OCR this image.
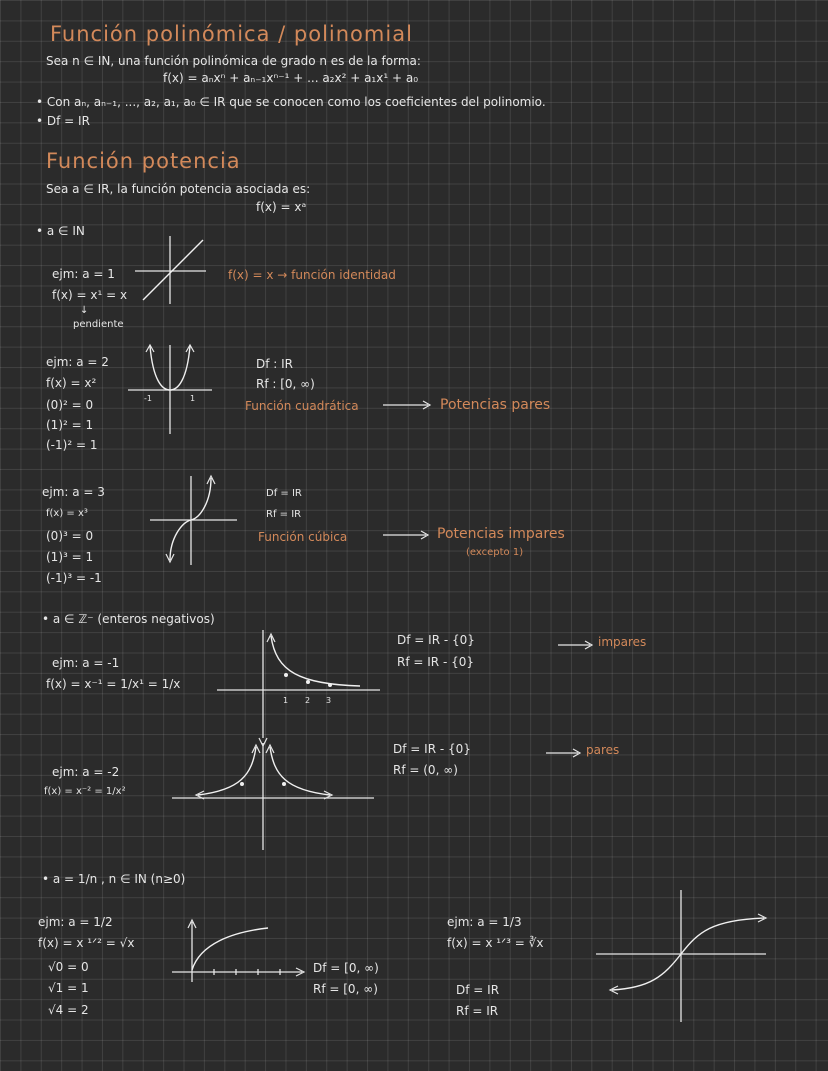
Función polinómica / polinomial
Sea n ∈ IN, una función polinómica de grado n es de la forma:
f(x) = aₙxⁿ + aₙ₋₁xⁿ⁻¹ + ... a₂x² + a₁x¹ + a₀
• Con aₙ, aₙ₋₁, ..., a₂, a₁, a₀ ∈ IR que se conocen como los coeficientes del polinomio.
• Df = IR
Función potencia
Sea a ∈ IR, la función potencia asociada es:
f(x) = xᵃ
• a ∈ IN
ejm: a = 1
f(x) = x¹ = x
↓
pendiente
f(x) = x → función identidad
ejm: a = 2
f(x) = x²
(0)² = 0
(1)² = 1
(-1)² = 1
-1	1
Df : IR
Rf : [0, ∞)
Función cuadrática	Potencias pares
ejm: a = 3
f(x) = x³
(0)³ = 0
(1)³ = 1
(-1)³ = -1
Df = IR
Rf = IR
Función cúbica	Potencias impares
(excepto 1)
• a ∈ ℤ⁻ (enteros negativos)
ejm: a = -1
f(x) = x⁻¹ = 1/x¹ = 1/x
1 2 3
Df = IR - {0}
Rf = IR - {0}
impares
ejm: a = -2
f(x) = x⁻² = 1/x²
Df = IR - {0}
Rf = (0, ∞)
pares
• a = 1/n , n ∈ IN (n≥0)
ejm: a = 1/2
f(x) = x ¹ᐟ² = √x
√0 = 0
√1 = 1
√4 = 2
Df = [0, ∞)
Rf = [0, ∞)
ejm: a = 1/3
f(x) = x ¹ᐟ³ = ∛x
Df = IR
Rf = IR
